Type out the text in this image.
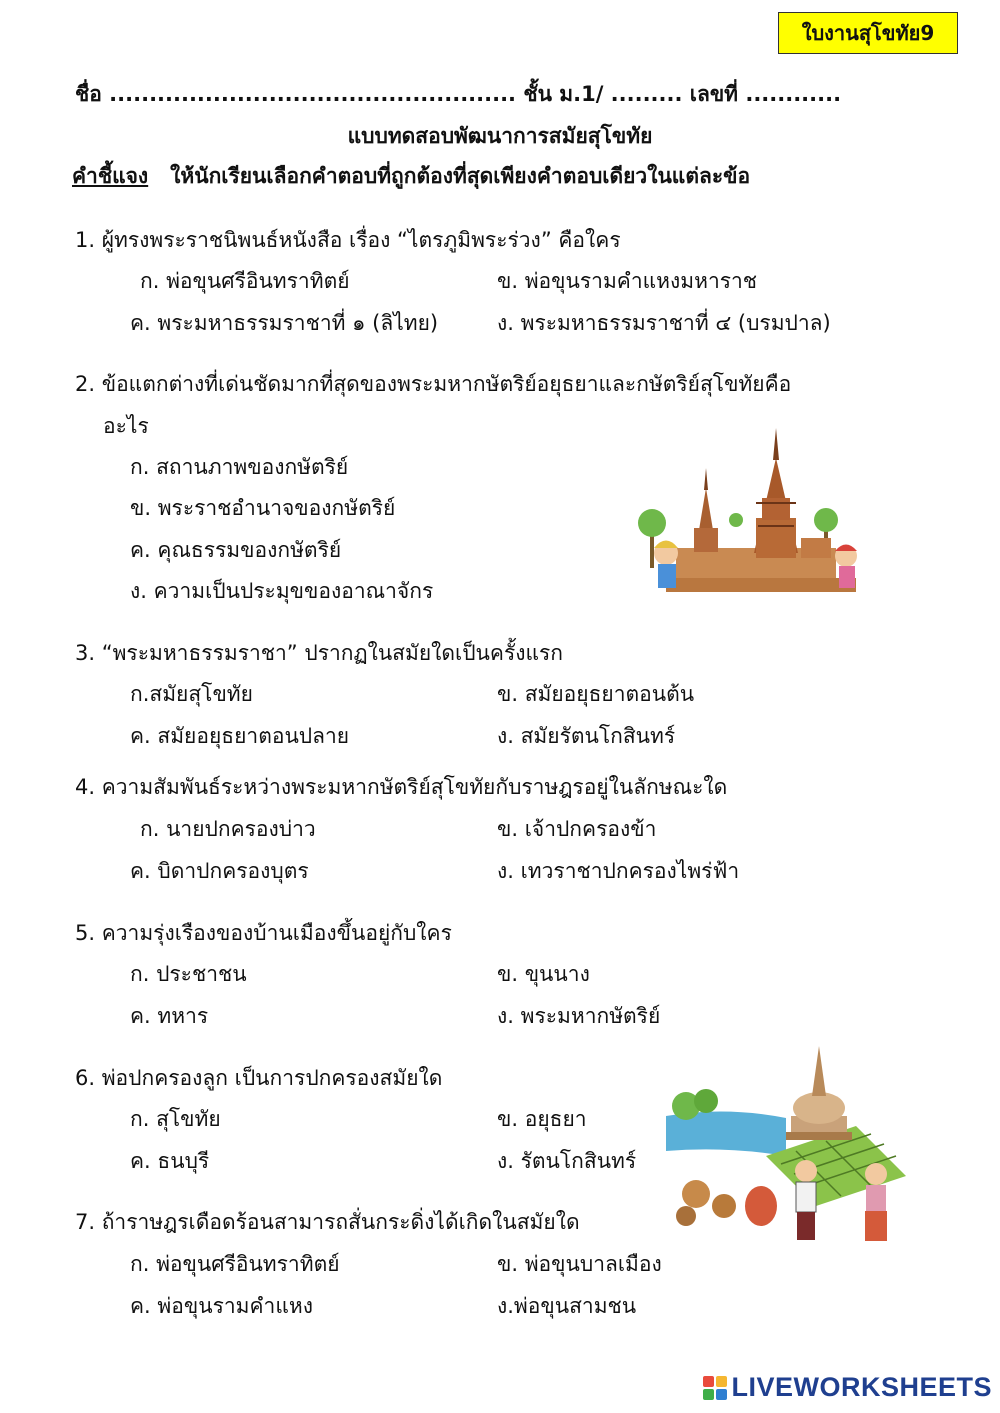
ใบงานสุโขทัย9
ชื่อ ................................................... ชั้น ม.1/ ......... เลขที่ ............
แบบทดสอบพัฒนาการสมัยสุโขทัย
คำชี้แจง ให้นักเรียนเลือกคำตอบที่ถูกต้องที่สุดเพียงคำตอบเดียวในแต่ละข้อ
1. ผู้ทรงพระราชนิพนธ์หนังสือ เรื่อง “ไตรภูมิพระร่วง” คือใคร
ก. พ่อขุนศรีอินทราทิตย์	ข. พ่อขุนรามคำแหงมหาราช
ค. พระมหาธรรมราชาที่ ๑ (ลิไทย)	ง. พระมหาธรรมราชาที่ ๔ (บรมปาล)
2. ข้อแตกต่างที่เด่นชัดมากที่สุดของพระมหากษัตริย์อยุธยาและกษัตริย์สุโขทัยคือ
อะไร
ก. สถานภาพของกษัตริย์
ข. พระราชอำนาจของกษัตริย์
ค. คุณธรรมของกษัตริย์
ง. ความเป็นประมุขของอาณาจักร
3. “พระมหาธรรมราชา” ปรากฏในสมัยใดเป็นครั้งแรก
ก.สมัยสุโขทัย	ข. สมัยอยุธยาตอนต้น
ค. สมัยอยุธยาตอนปลาย	ง. สมัยรัตนโกสินทร์
4. ความสัมพันธ์ระหว่างพระมหากษัตริย์สุโขทัยกับราษฎรอยู่ในลักษณะใด
ก. นายปกครองบ่าว	ข. เจ้าปกครองข้า
ค. บิดาปกครองบุตร	ง. เทวราชาปกครองไพร่ฟ้า
5. ความรุ่งเรืองของบ้านเมืองขึ้นอยู่กับใคร
ก. ประชาชน	ข. ขุนนาง
ค. ทหาร	ง. พระมหากษัตริย์
6. พ่อปกครองลูก เป็นการปกครองสมัยใด
ก. สุโขทัย	ข. อยุธยา
ค. ธนบุรี	ง. รัตนโกสินทร์
7. ถ้าราษฎรเดือดร้อนสามารถสั่นกระดิ่งได้เกิดในสมัยใด
ก. พ่อขุนศรีอินทราทิตย์	ข. พ่อขุนบาลเมือง
ค. พ่อขุนรามคำแหง	ง.พ่อขุนสามชน
LIVEWORKSHEETS
